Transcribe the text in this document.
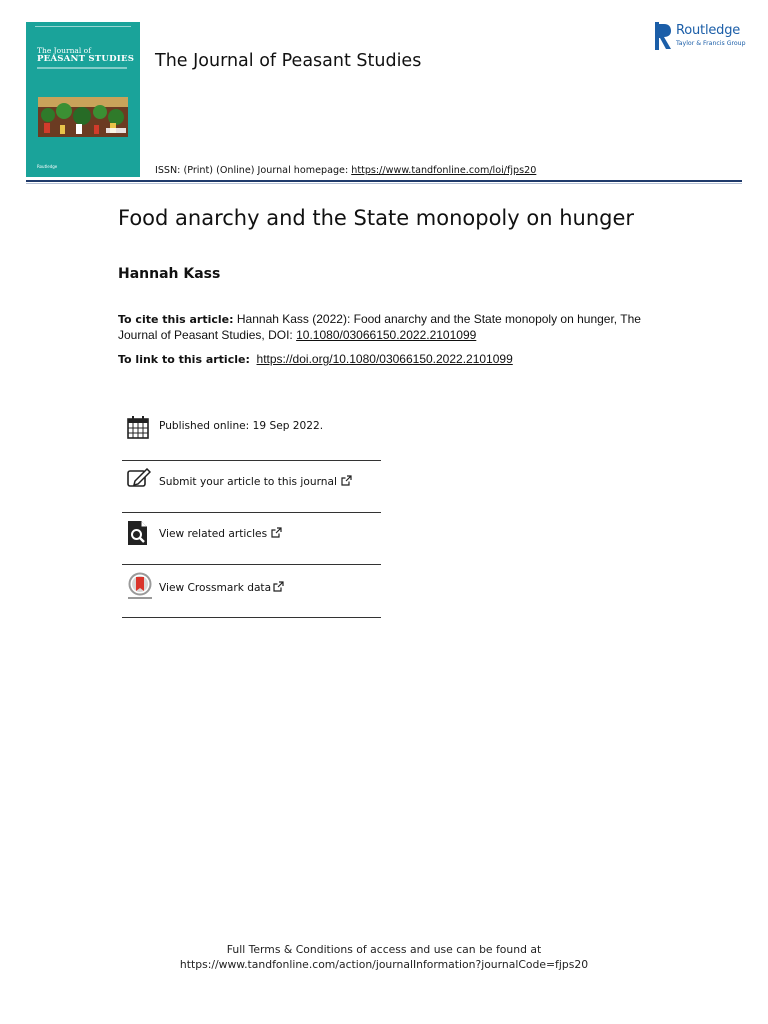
The Journal of
PEASANT STUDIES
Routledge
The Journal of Peasant Studies
Routledge
Taylor & Francis Group
ISSN: (Print) (Online) Journal homepage: https://www.tandfonline.com/loi/fjps20
Food anarchy and the State monopoly on hunger
Hannah Kass
To cite this article: Hannah Kass (2022): Food anarchy and the State monopoly on hunger, The Journal of Peasant Studies, DOI: 10.1080/03066150.2022.2101099
To link to this article: https://doi.org/10.1080/03066150.2022.2101099
Published online: 19 Sep 2022.
Submit your article to this journal
View related articles
View Crossmark data
Full Terms & Conditions of access and use can be found at
https://www.tandfonline.com/action/journalInformation?journalCode=fjps20
